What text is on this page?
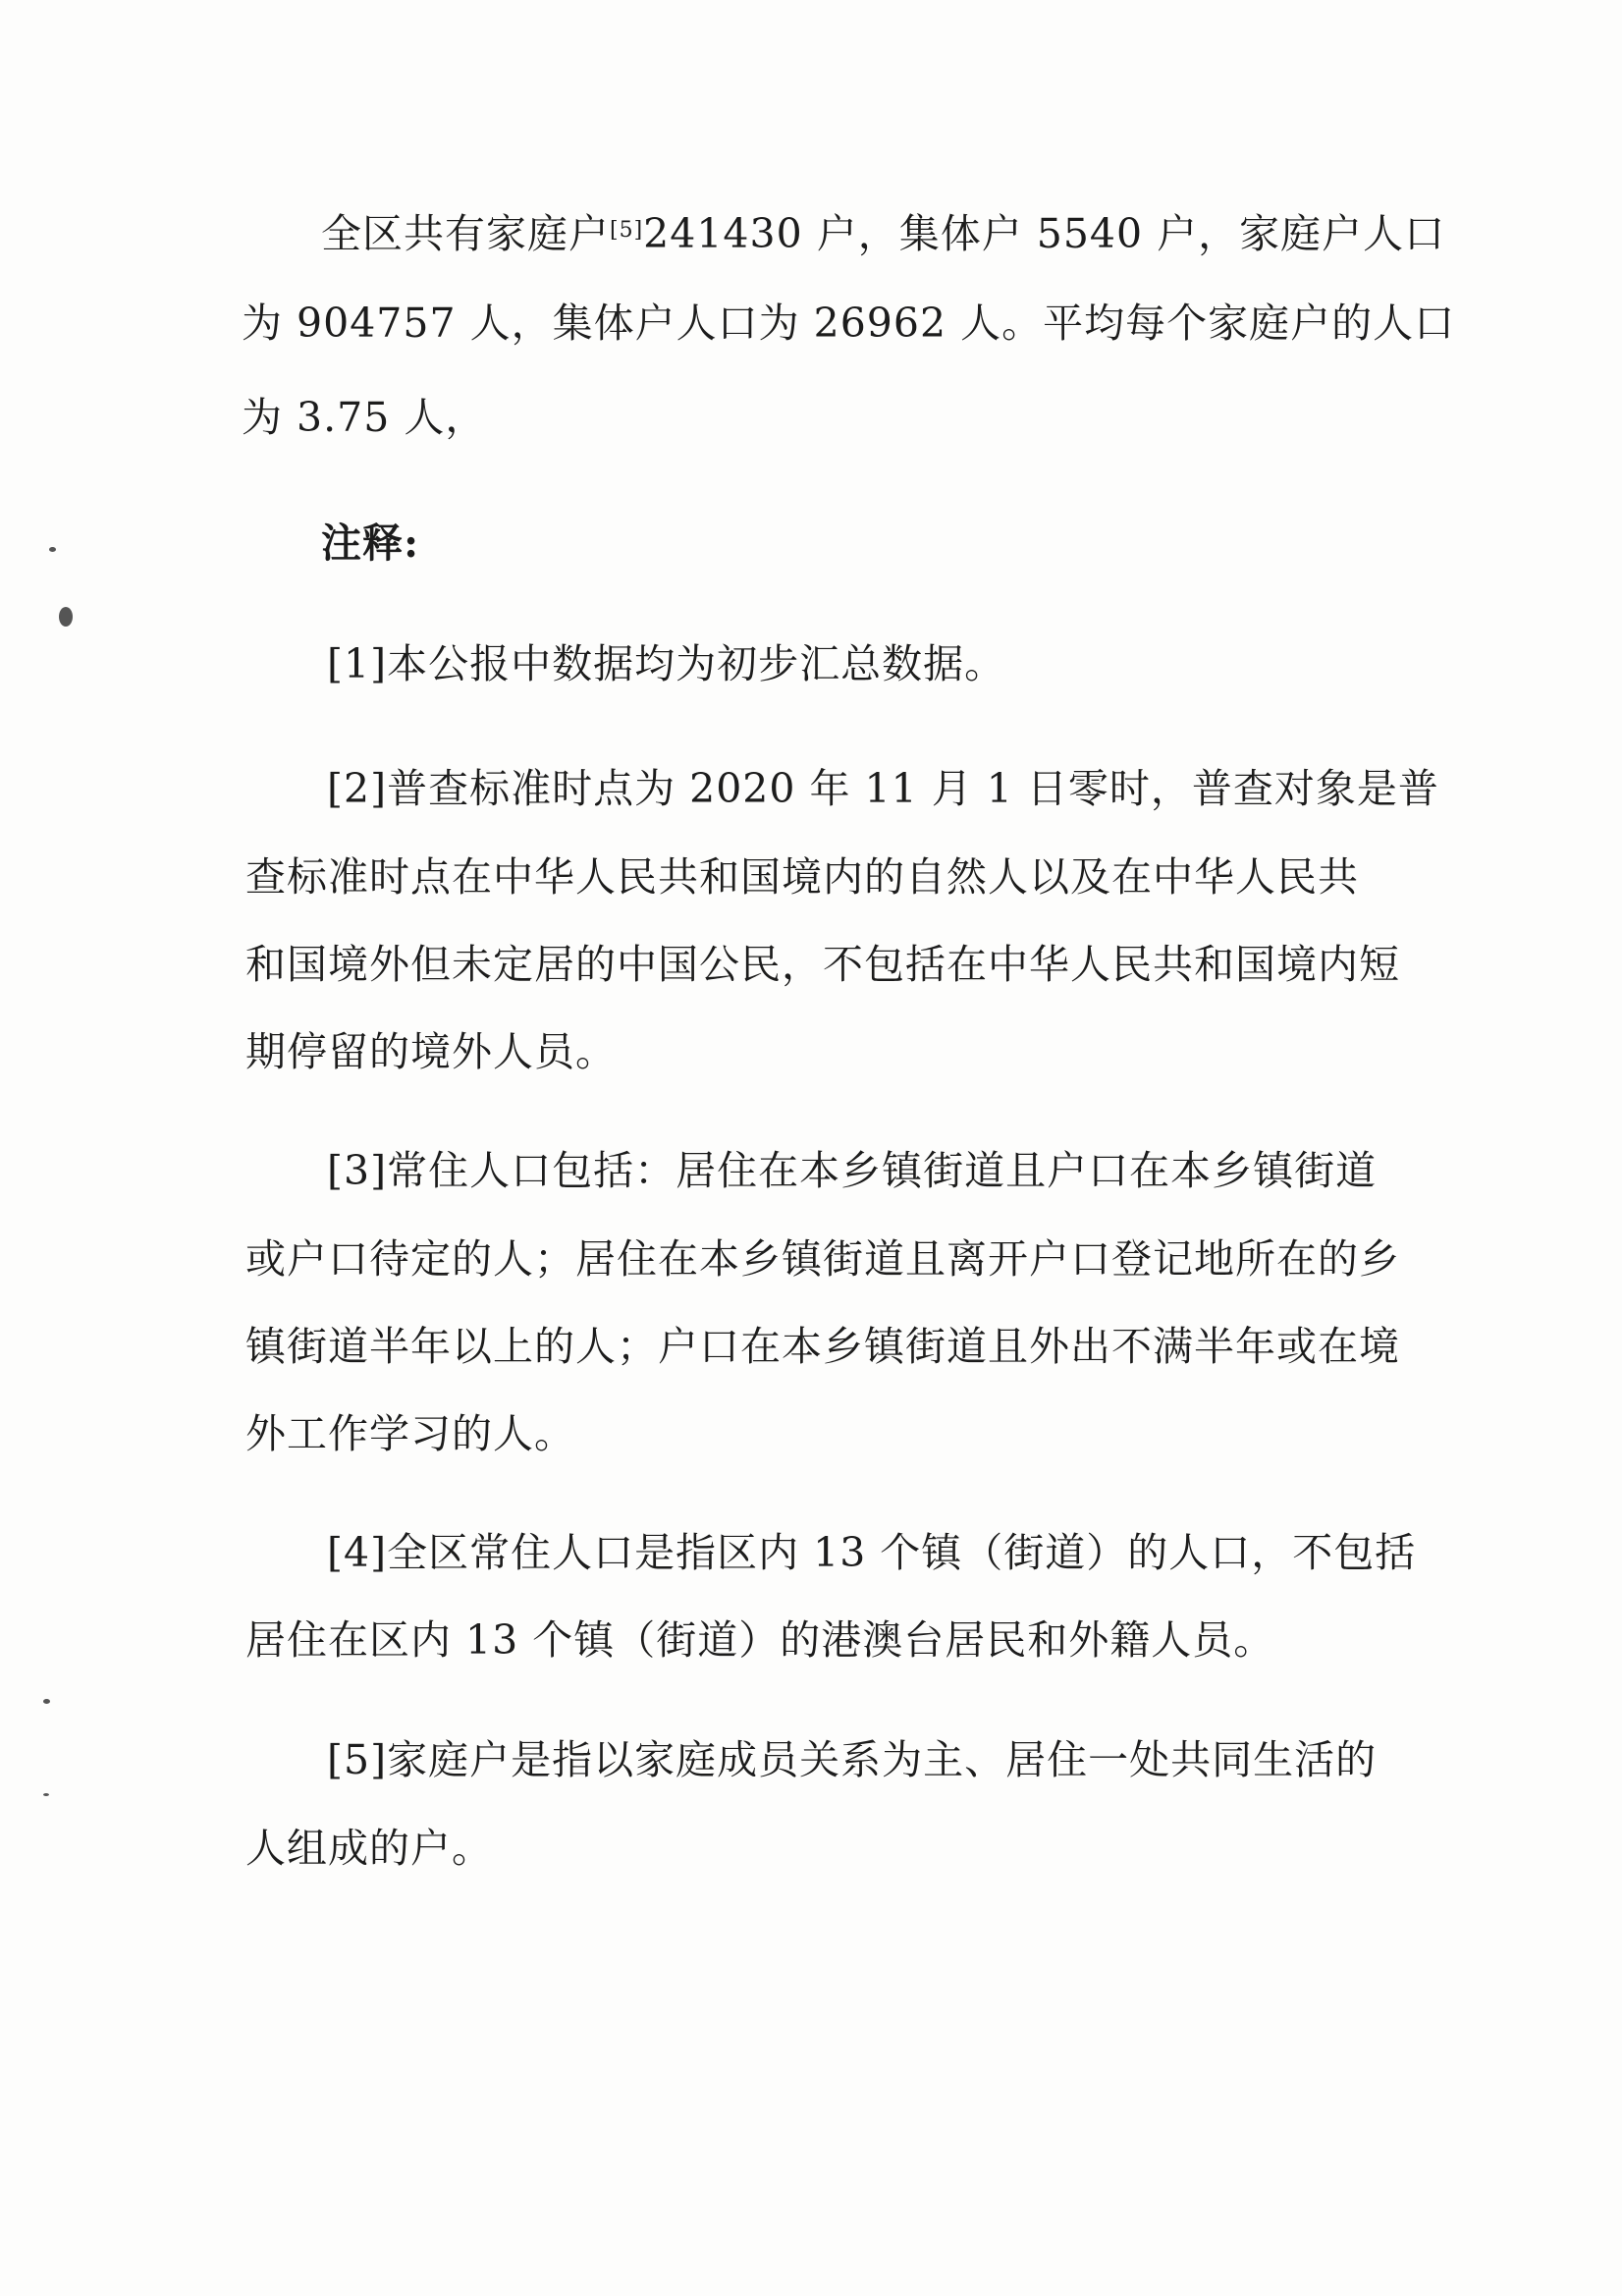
全区共有家庭户[5]241430 户，集体户 5540 户，家庭户人口
为 904757 人，集体户人口为 26962 人。平均每个家庭户的人口
为 3.75 人，
注释:
[1]本公报中数据均为初步汇总数据。
[2]普查标准时点为 2020 年 11 月 1 日零时，普查对象是普
查标准时点在中华人民共和国境内的自然人以及在中华人民共
和国境外但未定居的中国公民，不包括在中华人民共和国境内短
期停留的境外人员。
[3]常住人口包括：居住在本乡镇街道且户口在本乡镇街道
或户口待定的人；居住在本乡镇街道且离开户口登记地所在的乡
镇街道半年以上的人；户口在本乡镇街道且外出不满半年或在境
外工作学习的人。
[4]全区常住人口是指区内 13 个镇（街道）的人口，不包括
居住在区内 13 个镇（街道）的港澳台居民和外籍人员。
[5]家庭户是指以家庭成员关系为主、居住一处共同生活的
人组成的户。
